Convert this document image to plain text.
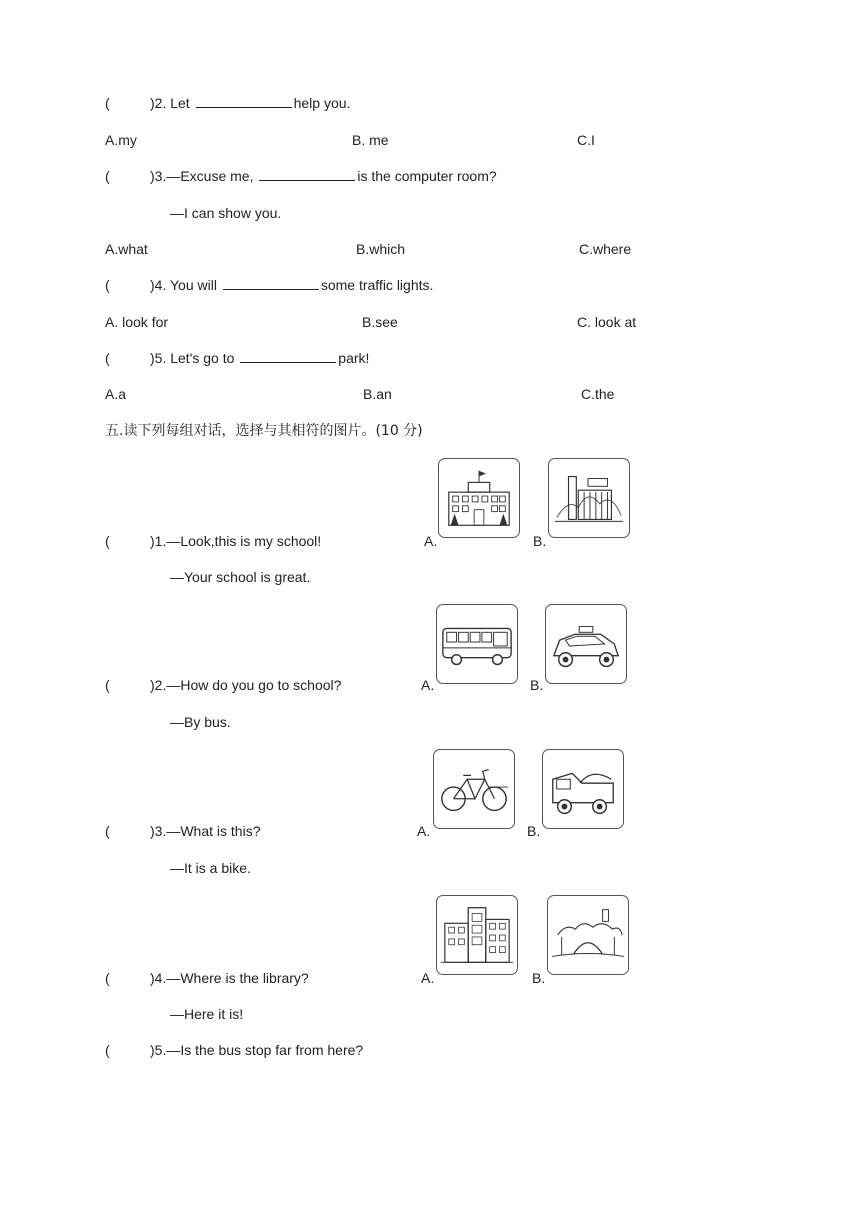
(	)2. Let	help you.
A.my	B. me	C.I
(	)3.—Excuse me,	is the computer room?
—I can show you.
A.what	B.which	C.where
(	)4. You will	some traffic lights.
A. look for	B.see	C. look at
(	)5. Let's go to	park!
A.a	B.an	C.the
五.读下列每组对话，选择与其相符的图片。(10 分)
(	)1.—Look,this is my school!	A.	B.
—Your school is great.
(	)2.—How do you go to school?	A.	B.
—By bus.
(	)3.—What is this?	A.	B.
—It is a bike.
(	)4.—Where is the library?	A.	B.
—Here it is!
(	)5.—Is the bus stop far from here?
